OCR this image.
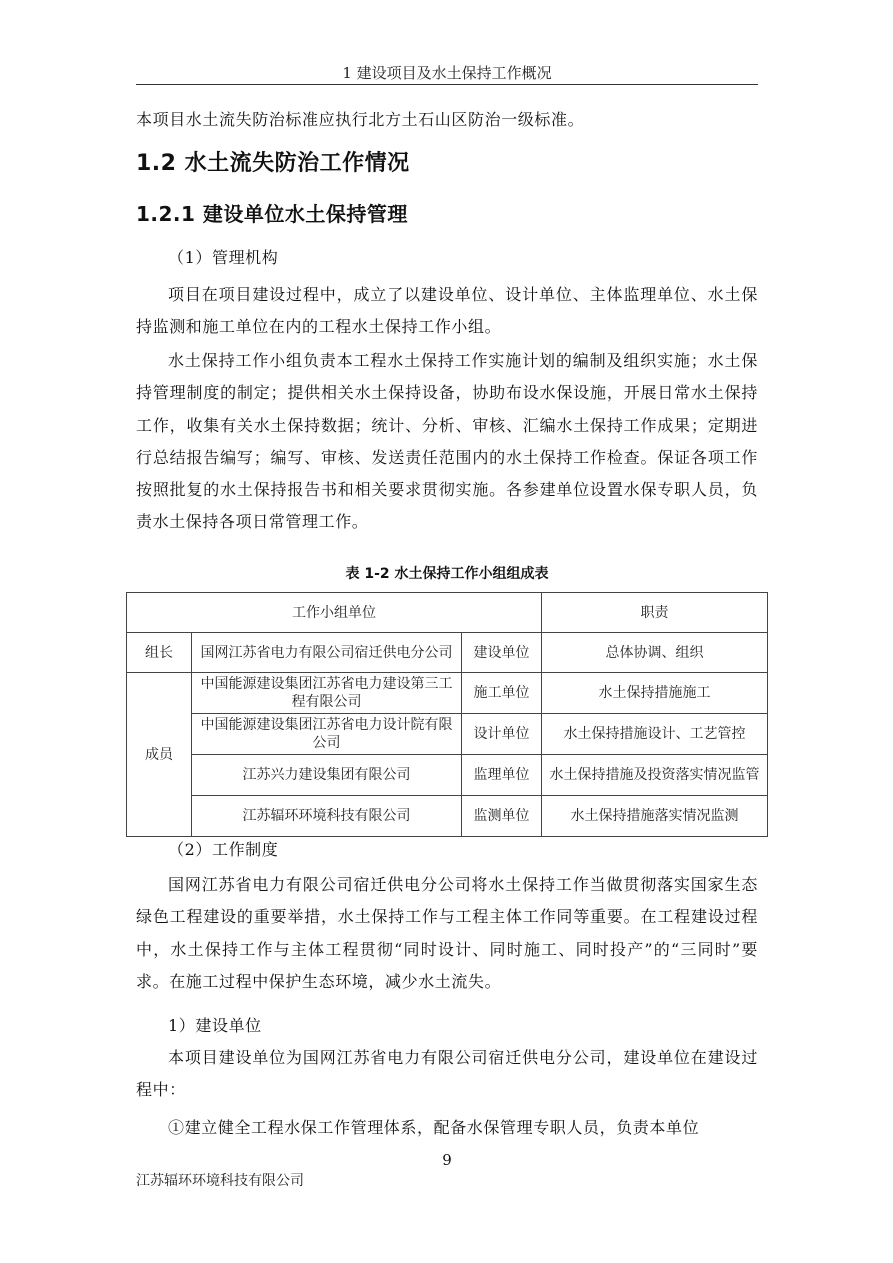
1 建设项目及水土保持工作概况

本项目水土流失防治标准应执行北方土石山区防治一级标准。

1.2 水土流失防治工作情况
1.2.1 建设单位水土保持管理

（1）管理机构

项目在项目建设过程中，成立了以建设单位、设计单位、主体监理单位、水土保持监测和施工单位在内的工程水土保持工作小组。

水土保持工作小组负责本工程水土保持工作实施计划的编制及组织实施；水土保持管理制度的制定；提供相关水土保持设备，协助布设水保设施，开展日常水土保持工作，收集有关水土保持数据；统计、分析、审核、汇编水土保持工作成果；定期进行总结报告编写；编写、审核、发送责任范围内的水土保持工作检查。保证各项工作按照批复的水土保持报告书和相关要求贯彻实施。各参建单位设置水保专职人员，负责水土保持各项日常管理工作。

表 1-2 水土保持工作小组组成表

工作小组单位			职责
组长	国网江苏省电力有限公司宿迁供电分公司	建设单位	总体协调、组织
成员	中国能源建设集团江苏省电力建设第三工程有限公司	施工单位	水土保持措施施工
	中国能源建设集团江苏省电力设计院有限公司	设计单位	水土保持措施设计、工艺管控
	江苏兴力建设集团有限公司	监理单位	水土保持措施及投资落实情况监管
	江苏辐环环境科技有限公司	监测单位	水土保持措施落实情况监测

（2）工作制度

国网江苏省电力有限公司宿迁供电分公司将水土保持工作当做贯彻落实国家生态绿色工程建设的重要举措，水土保持工作与工程主体工作同等重要。在工程建设过程中，水土保持工作与主体工程贯彻“同时设计、同时施工、同时投产”的“三同时”要求。在施工过程中保护生态环境，减少水土流失。

1）建设单位

本项目建设单位为国网江苏省电力有限公司宿迁供电分公司，建设单位在建设过程中：

①建立健全工程水保工作管理体系，配备水保管理专职人员，负责本单位

9
江苏辐环环境科技有限公司
